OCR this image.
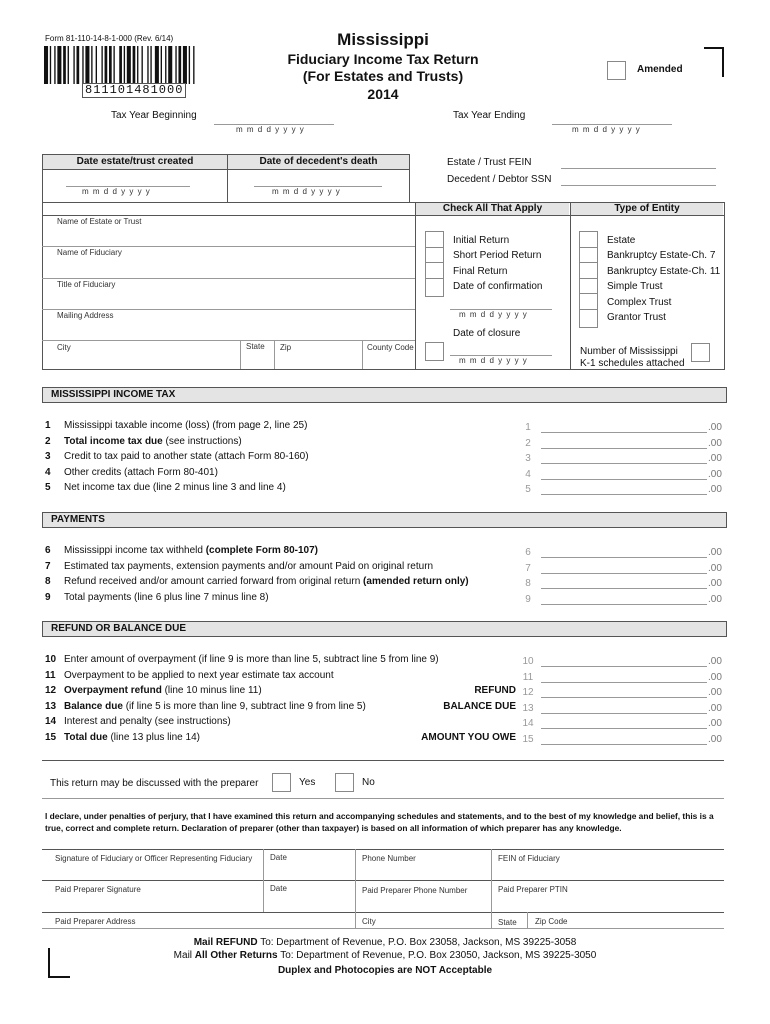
Form 81-110-14-8-1-000 (Rev. 6/14)
811101481000
Mississippi
Fiduciary Income Tax Return
(For Estates and Trusts)
2014
Amended
Tax Year Beginning
m m d d y y y y
Tax Year Ending
m m d d y y y y
Date estate/trust created	Date of decedent's death
m m d d y y y y	m m d d y y y y
Estate / Trust FEIN
Decedent / Debtor SSN
Check All That Apply	Type of Entity
Name of Estate or Trust
Name of Fiduciary
Title of Fiduciary
Mailing Address
City	State Zip	County Code
Initial Return
Short Period Return
Final Return
Date of confirmation
m m d d y y y y
Date of closure
m m d d y y y y
Estate
Bankruptcy Estate-Ch. 7
Bankruptcy Estate-Ch. 11
Simple Trust
Complex Trust
Grantor Trust
Number of Mississippi
K-1 schedules attached
MISSISSIPPI INCOME TAX
1 Mississippi taxable income (loss) (from page 2, line 25)	1	.00
2 Total income tax due (see instructions)	2	.00
3 Credit to tax paid to another state (attach Form 80-160)	3	.00
4 Other credits (attach Form 80-401)	4	.00
5 Net income tax due (line 2 minus line 3 and line 4)	5	.00
PAYMENTS
6 Mississippi income tax withheld (complete Form 80-107)	6	.00
7 Estimated tax payments, extension payments and/or amount Paid on original return	7	.00
8 Refund received and/or amount carried forward from original return (amended return only)	8	.00
9 Total payments (line 6 plus line 7 minus line 8)	9	.00
REFUND OR BALANCE DUE
10 Enter amount of overpayment (if line 9 is more than line 5, subtract line 5 from line 9)	10	.00
11 Overpayment to be applied to next year estimate tax account	11	.00
12 Overpayment refund (line 10 minus line 11)	REFUND 12	.00
13 Balance due (if line 5 is more than line 9, subtract line 9 from line 5)	BALANCE DUE 13	.00
14 Interest and penalty (see instructions)	14	.00
15 Total due (line 13 plus line 14)	AMOUNT YOU OWE 15	.00
This return may be discussed with the preparer	Yes	No
I declare, under penalties of perjury, that I have examined this return and accompanying schedules and statements, and to the best of my knowledge and belief, this is a true, correct and complete return. Declaration of preparer (other than taxpayer) is based on all information of which preparer has any knowledge.
Signature of Fiduciary or Officer Representing Fiduciary Date	Phone Number	FEIN of Fiduciary
Paid Preparer Signature	Date	Paid Preparer Phone Number	Paid Preparer PTIN
Paid Preparer Address	City	State Zip Code
Mail REFUND To: Department of Revenue, P.O. Box 23058, Jackson, MS 39225-3058
Mail All Other Returns To: Department of Revenue, P.O. Box 23050, Jackson, MS 39225-3050
Duplex and Photocopies are NOT Acceptable
